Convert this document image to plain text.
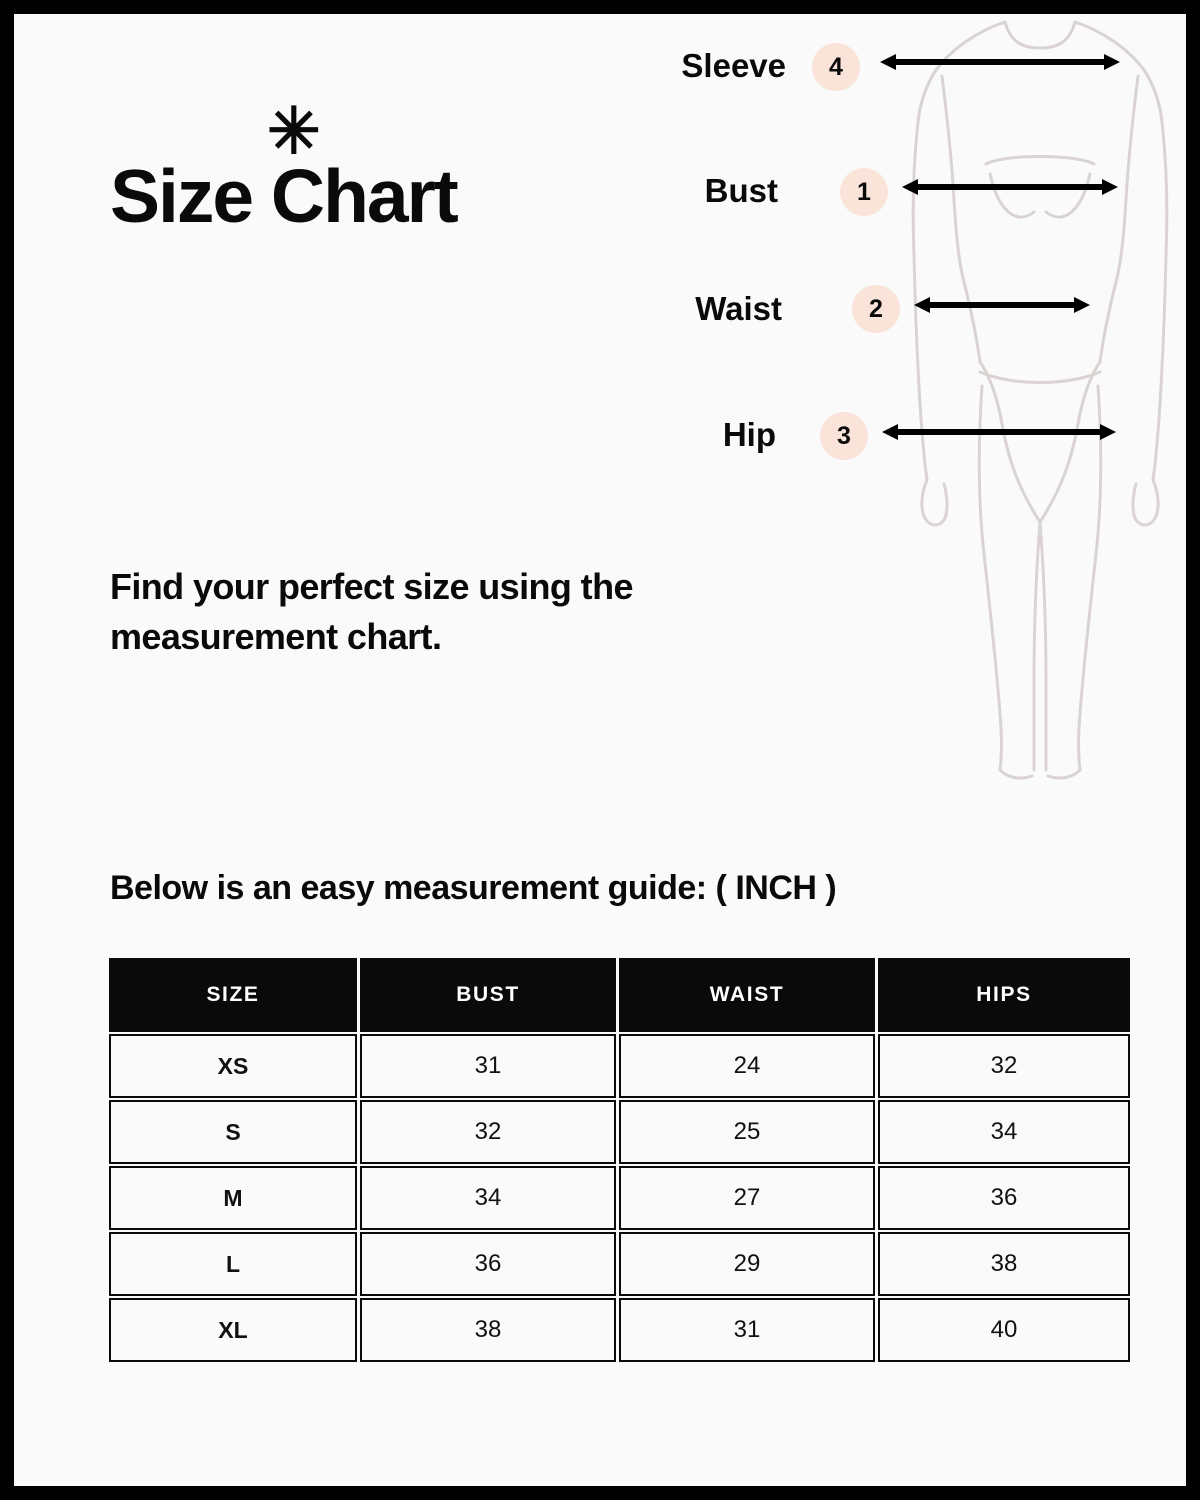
✳
Size Chart
Find your perfect size using the measurement chart.
Below is an easy measurement guide: ( INCH )
Sleeve	4
Bust	1
Waist	2
Hip	3
SIZE	BUST	WAIST	HIPS
XS	31	24	32
S	32	25	34
M	34	27	36
L	36	29	38
XL	38	31	40
